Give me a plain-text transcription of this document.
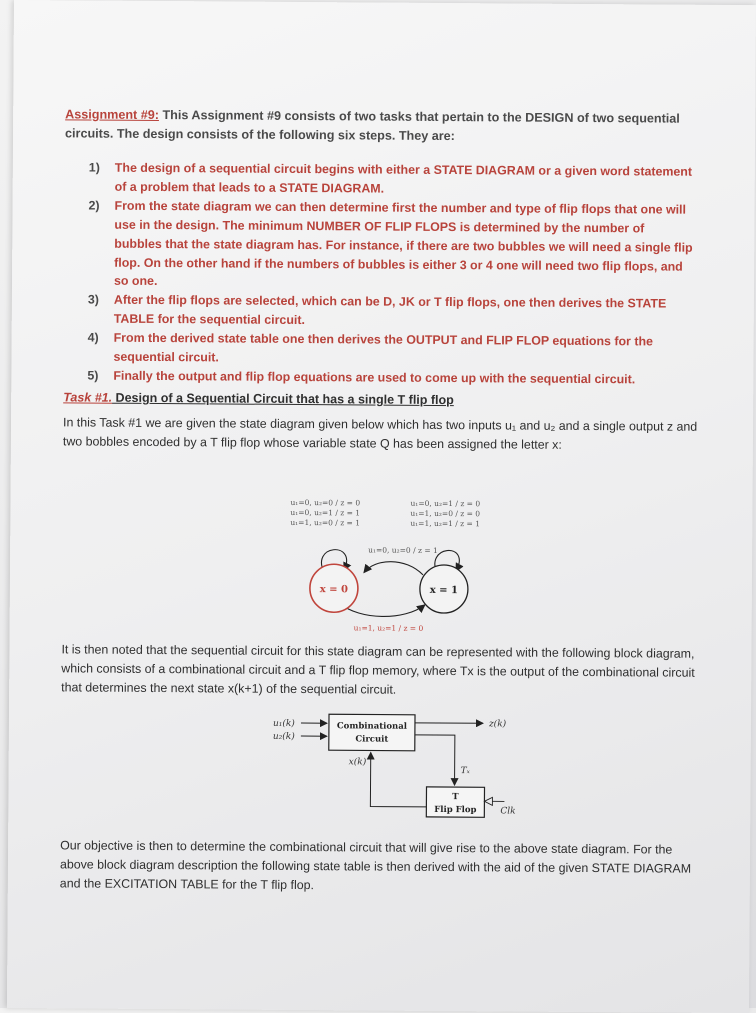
Assignment #9: This Assignment #9 consists of two tasks that pertain to the DESIGN of two sequential circuits. The design consists of the following six steps. They are:
1) The design of a sequential circuit begins with either a STATE DIAGRAM or a given word statement of a problem that leads to a STATE DIAGRAM.
2) From the state diagram we can then determine first the number and type of flip flops that one will use in the design. The minimum NUMBER OF FLIP FLOPS is determined by the number of bubbles that the state diagram has. For instance, if there are two bubbles we will need a single flip flop. On the other hand if the numbers of bubbles is either 3 or 4 one will need two flip flops, and so one.
3) After the flip flops are selected, which can be D, JK or T flip flops, one then derives the STATE TABLE for the sequential circuit.
4) From the derived state table one then derives the OUTPUT and FLIP FLOP equations for the sequential circuit.
5) Finally the output and flip flop equations are used to come up with the sequential circuit.
Task #1. Design of a Sequential Circuit that has a single T flip flop
In this Task #1 we are given the state diagram given below which has two inputs u₁ and u₂ and a single output z and two bobbles encoded by a T flip flop whose variable state Q has been assigned the letter x:
u₁=0, u₂=0 / z = 0
u₁=0, u₂=1 / z = 1
u₁=1, u₂=0 / z = 1
u₁=0, u₂=1 / z = 0
u₁=1, u₂=0 / z = 0
u₁=1, u₂=1 / z = 1
u₁=0, u₂=0 / z = 1
x = 0	x = 1
u₁=1, u₂=1 / z = 0
It is then noted that the sequential circuit for this state diagram can be represented with the following block diagram, which consists of a combinational circuit and a T flip flop memory, where Tx is the output of the combinational circuit that determines the next state x(k+1) of the sequential circuit.
u₁(k)
u₂(k)
Combinational
Circuit
z(k)
Tₓ
T
Flip Flop	Clk
x(k)
Our objective is then to determine the combinational circuit that will give rise to the above state diagram. For the above block diagram description the following state table is then derived with the aid of the given STATE DIAGRAM and the EXCITATION TABLE for the T flip flop.
